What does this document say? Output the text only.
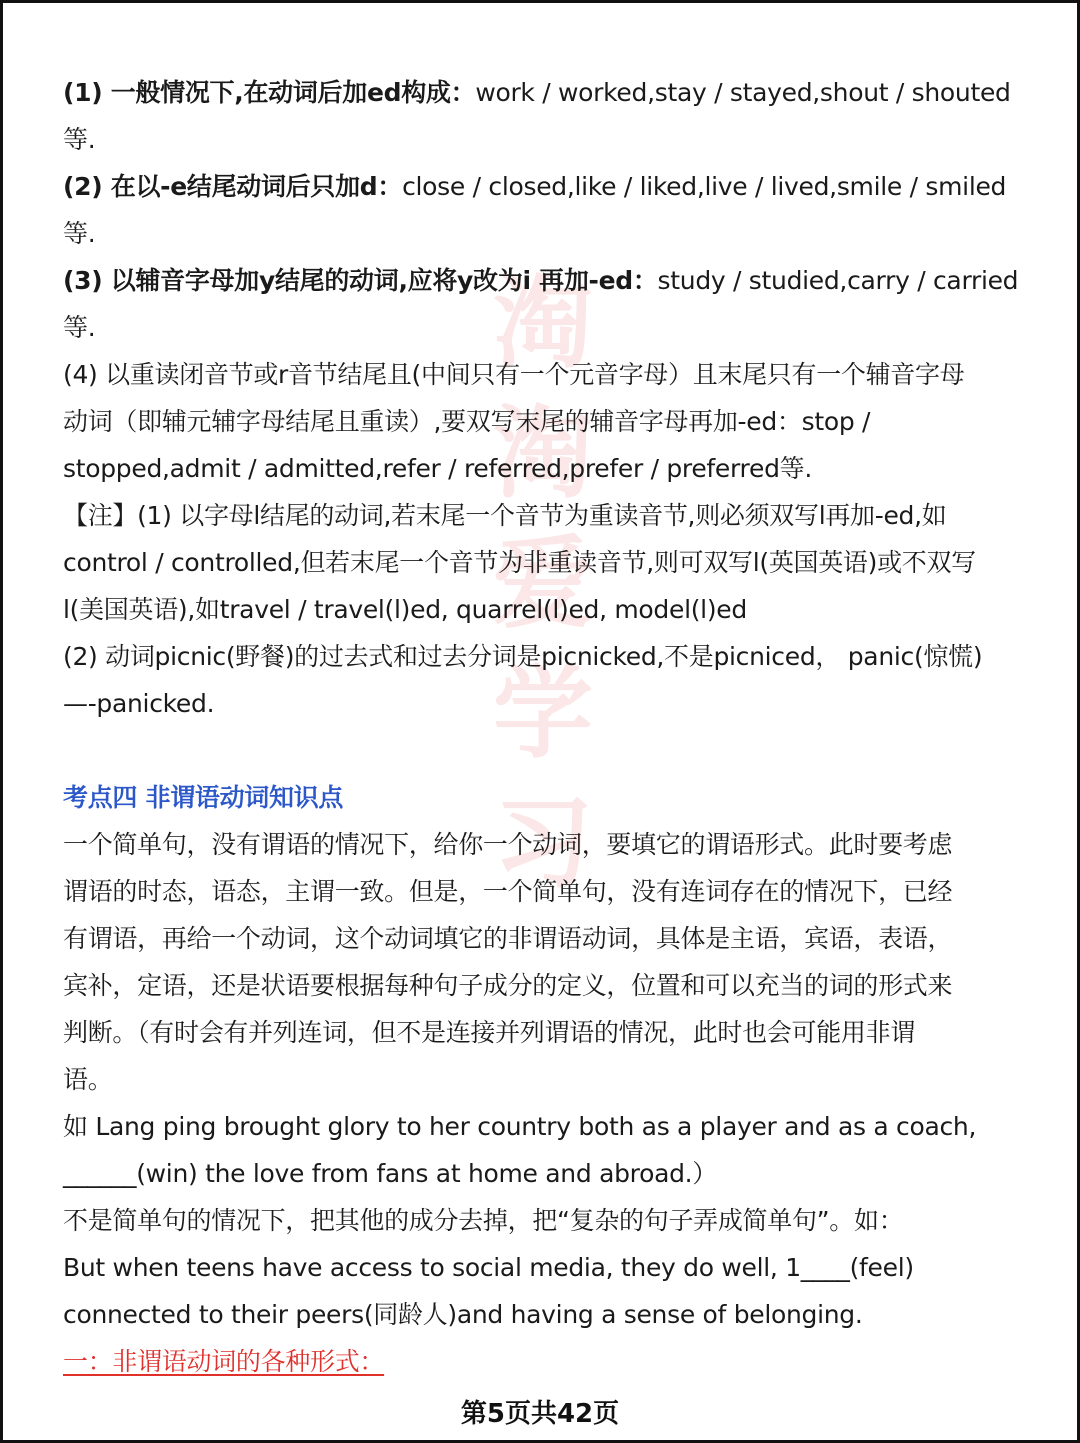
淘
淘
爱
学
习
(1) 一般情况下,在动词后加ed构成：work / worked,stay / stayed,shout / shouted
等.
(2) 在以-e结尾动词后只加d：close / closed,like / liked,live / lived,smile / smiled
等.
(3) 以辅音字母加y结尾的动词,应将y改为i 再加-ed：study / studied,carry / carried
等.
(4) 以重读闭音节或r音节结尾且(中间只有一个元音字母）且末尾只有一个辅音字母
动词（即辅元辅字母结尾且重读）,要双写末尾的辅音字母再加-ed：stop /
stopped,admit / admitted,refer / referred,prefer / preferred等.
【注】(1) 以字母l结尾的动词,若末尾一个音节为重读音节,则必须双写l再加-ed,如
control / controlled,但若末尾一个音节为非重读音节,则可双写l(英国英语)或不双写
l(美国英语),如travel / travel(l)ed, quarrel(l)ed, model(l)ed
(2) 动词picnic(野餐)的过去式和过去分词是picnicked,不是picniced， panic(惊慌)
—-panicked.
考点四 非谓语动词知识点
一个简单句，没有谓语的情况下，给你一个动词，要填它的谓语形式。此时要考虑
谓语的时态，语态，主谓一致。但是，一个简单句，没有连词存在的情况下，已经
有谓语，再给一个动词，这个动词填它的非谓语动词，具体是主语，宾语，表语，
宾补，定语，还是状语要根据每种句子成分的定义，位置和可以充当的词的形式来
判断。（有时会有并列连词，但不是连接并列谓语的情况，此时也会可能用非谓
语。
如 Lang ping brought glory to her country both as a player and as a coach,
______(win) the love from fans at home and abroad.）
不是简单句的情况下，把其他的成分去掉，把“复杂的句子弄成简单句”。如：
But when teens have access to social media, they do well, 1____(feel)
connected to their peers(同龄人)and having a sense of belonging.
一：非谓语动词的各种形式：
第5页共42页
